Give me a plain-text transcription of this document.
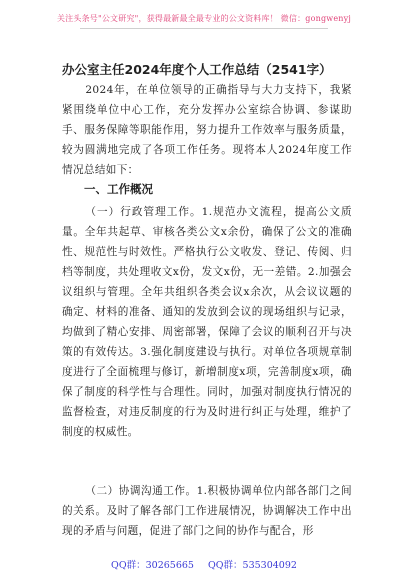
关注头条号"公文研究"，获得最新最全最专业的公文资料库！ 微信：gongwenyj
办公室主任2024年度个人工作总结（2541字）

2024年，在单位领导的正确指导与大力支持下，我紧紧围绕单位中心工作，充分发挥办公室综合协调、参谋助手、服务保障等职能作用，努力提升工作效率与服务质量，较为圆满地完成了各项工作任务。现将本人2024年度工作情况总结如下：

一、工作概况

（一）行政管理工作。1.规范办文流程，提高公文质量。全年共起草、审核各类公文x余份，确保了公文的准确性、规范性与时效性。严格执行公文收发、登记、传阅、归档等制度，共处理收文x份，发文x份，无一差错。2.加强会议组织与管理。全年共组织各类会议x余次，从会议议题的确定、材料的准备、通知的发放到会议的现场组织与记录，均做到了精心安排、周密部署，保障了会议的顺利召开与决策的有效传达。3.强化制度建设与执行。对单位各项规章制度进行了全面梳理与修订，新增制度x项，完善制度x项，确保了制度的科学性与合理性。同时，加强对制度执行情况的监督检查，对违反制度的行为及时进行纠正与处理，维护了制度的权威性。

（二）协调沟通工作。1.积极协调单位内部各部门之间的关系。及时了解各部门工作进展情况，协调解决工作中出现的矛盾与问题，促进了部门之间的协作与配合，形

QQ群：30265665 QQ群：535304092
